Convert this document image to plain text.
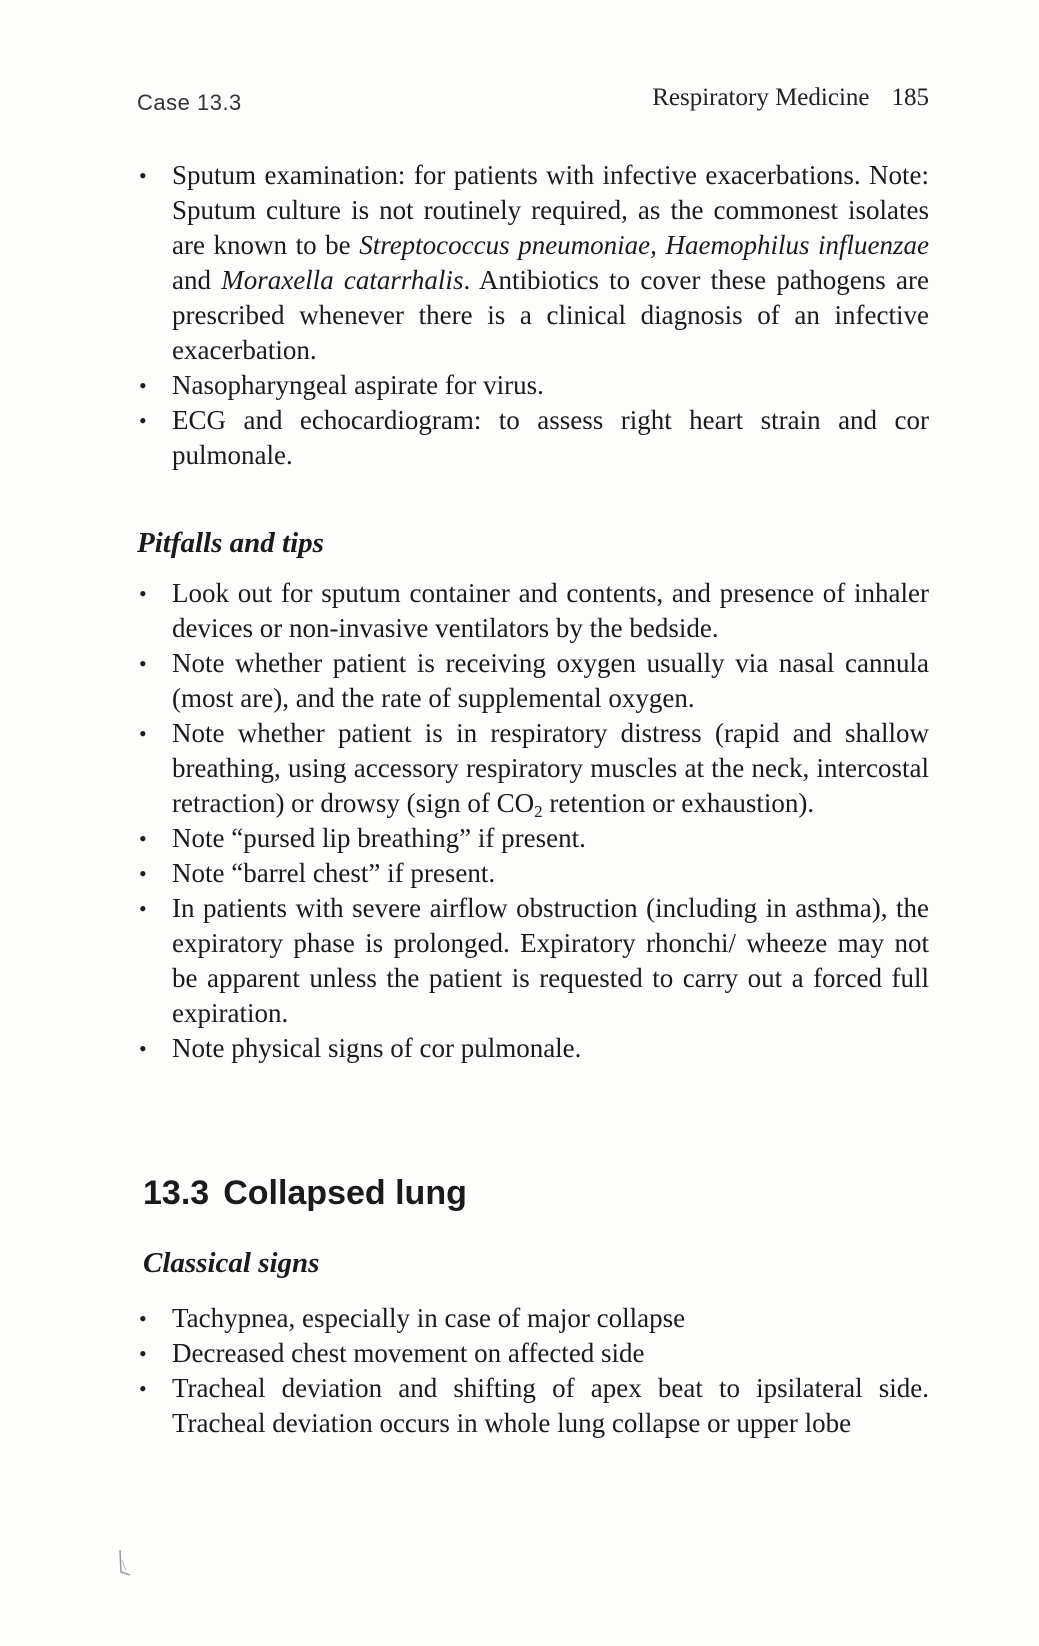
Case 13.3	Respiratory Medicine 185
• Sputum examination: for patients with infective exacerbations. Note: Sputum culture is not routinely required, as the commonest isolates are known to be Streptococcus pneumoniae, Haemophilus influenzae and Moraxella catarrhalis. Antibiotics to cover these pathogens are prescribed whenever there is a clinical diagnosis of an infective exacerbation.
• Nasopharyngeal aspirate for virus.
• ECG and echocardiogram: to assess right heart strain and cor pulmonale.
Pitfalls and tips
• Look out for sputum container and contents, and presence of inhaler devices or non-invasive ventilators by the bedside.
• Note whether patient is receiving oxygen usually via nasal cannula (most are), and the rate of supplemental oxygen.
• Note whether patient is in respiratory distress (rapid and shallow breathing, using accessory respiratory muscles at the neck, intercostal retraction) or drowsy (sign of $CO_2$ retention or exhaustion).
• Note “pursed lip breathing” if present.
• Note “barrel chest” if present.
• In patients with severe airflow obstruction (including in asthma), the expiratory phase is prolonged. Expiratory rhonchi/ wheeze may not be apparent unless the patient is requested to carry out a forced full expiration.
• Note physical signs of cor pulmonale.
13.3 Collapsed lung
Classical signs
• Tachypnea, especially in case of major collapse
• Decreased chest movement on affected side
• Tracheal deviation and shifting of apex beat to ipsilateral side. Tracheal deviation occurs in whole lung collapse or upper lobe
